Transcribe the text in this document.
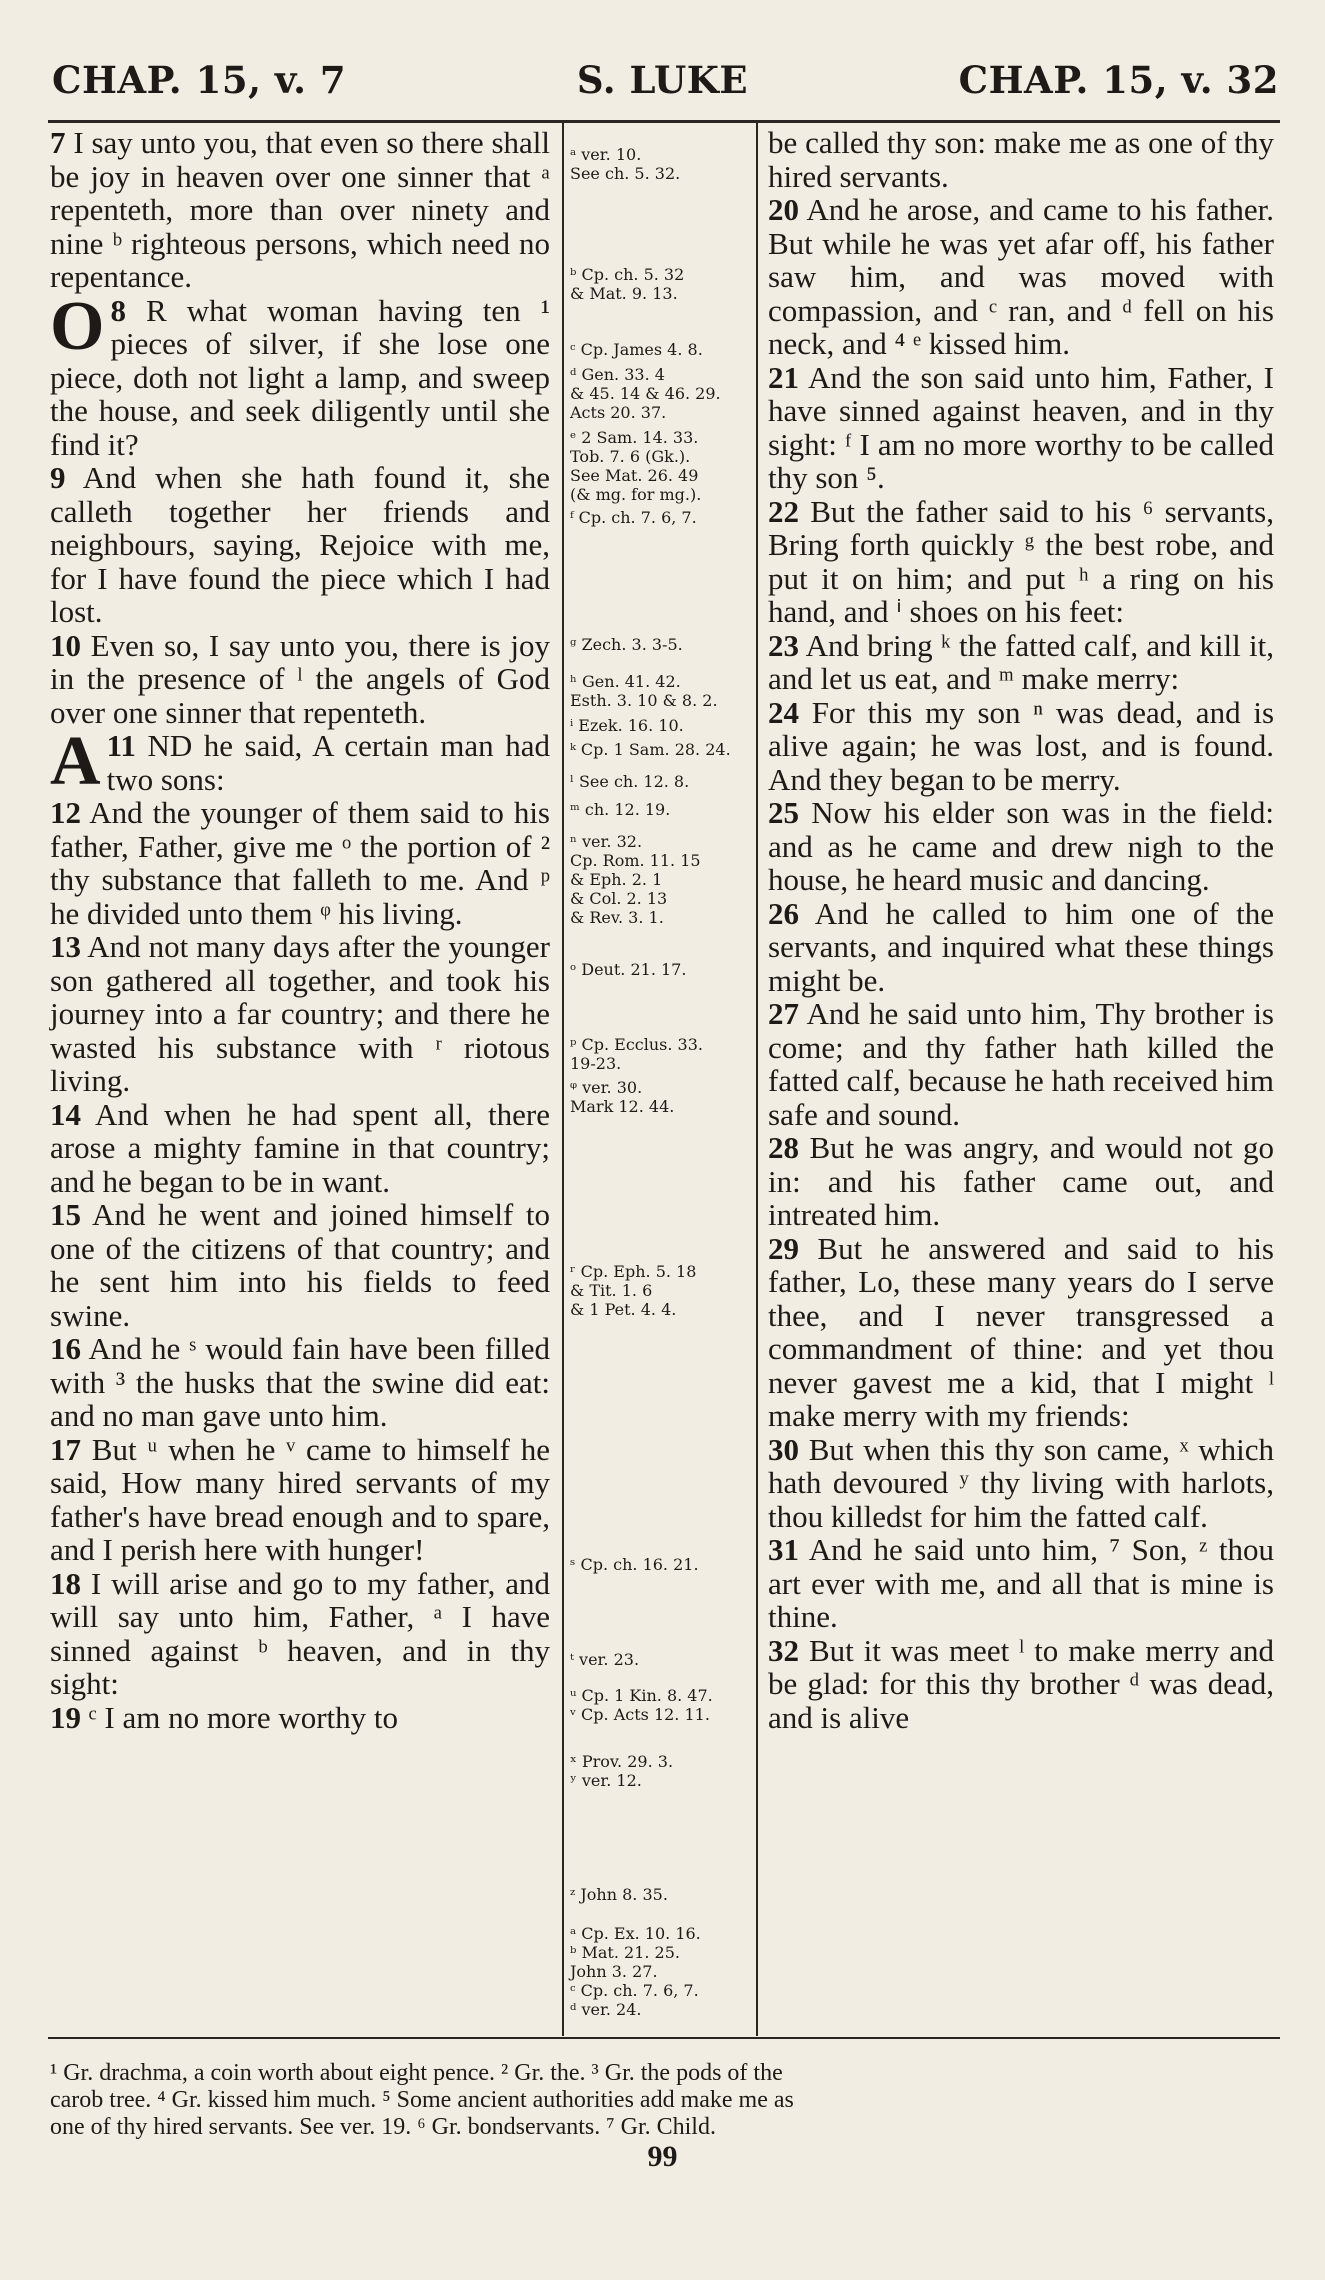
CHAP. 15, v. 7	S. LUKE	CHAP. 15, v. 32

7 I say unto you, that even so there shall be joy in heaven over one sinner that ᵃ repenteth, more than over ninety and nine ᵇ righteous persons, which need no repentance.

8
O R what woman having ten ¹ pieces of silver, if she lose one piece, doth not light a lamp, and sweep the house, and seek diligently until she find it?

9 And when she hath found it, she calleth together her friends and neighbours, saying, Rejoice with me, for I have found the piece which I had lost.

10 Even so, I say unto you, there is joy in the presence of ˡ the angels of God over one sinner that repenteth.

11
A ND he said, A certain man had two sons:

12 And the younger of them said to his father, Father, give me ᵒ the portion of ² thy substance that falleth to me. And ᵖ he divided unto them ᵠ his living.

13 And not many days after the younger son gathered all together, and took his journey into a far country; and there he wasted his substance with ʳ riotous living.

14 And when he had spent all, there arose a mighty famine in that country; and he began to be in want.

15 And he went and joined himself to one of the citizens of that country; and he sent him into his fields to feed swine.

16 And he ˢ would fain have been filled with ³ the husks that the swine did eat: and no man gave unto him.

17 But ᵘ when he ᵛ came to himself he said, How many hired servants of my father's have bread enough and to spare, and I perish here with hunger!

18 I will arise and go to my father, and will say unto him, Father, ᵃ I have sinned against ᵇ heaven, and in thy sight:

19 ᶜ I am no more worthy to

ᵃ ver. 10.

See ch. 5. 32.

ᵇ Cp. ch. 5. 32

& Mat. 9. 13.

ᶜ Cp. James 4. 8.

ᵈ Gen. 33. 4

& 45. 14 & 46. 29.

Acts 20. 37.

ᵉ 2 Sam. 14. 33.

Tob. 7. 6 (Gk.).

See Mat. 26. 49

(& mg. for mg.).

ᶠ Cp. ch. 7. 6, 7.

ᵍ Zech. 3. 3-5.

ʰ Gen. 41. 42.

Esth. 3. 10 & 8. 2.

ⁱ Ezek. 16. 10.

ᵏ Cp. 1 Sam. 28. 24.

ˡ See ch. 12. 8.

ᵐ ch. 12. 19.

ⁿ ver. 32.

Cp. Rom. 11. 15

& Eph. 2. 1

& Col. 2. 13

& Rev. 3. 1.

ᵒ Deut. 21. 17.

ᵖ Cp. Ecclus. 33.

19-23.

ᵠ ver. 30.

Mark 12. 44.

ʳ Cp. Eph. 5. 18

& Tit. 1. 6

& 1 Pet. 4. 4.

ˢ Cp. ch. 16. 21.

ᵗ ver. 23.

ᵘ Cp. 1 Kin. 8. 47.

ᵛ Cp. Acts 12. 11.

ˣ Prov. 29. 3.

ʸ ver. 12.

ᶻ John 8. 35.

ᵃ Cp. Ex. 10. 16.

ᵇ Mat. 21. 25.

John 3. 27.

ᶜ Cp. ch. 7. 6, 7.

ᵈ ver. 24.

be called thy son: make me as one of thy hired servants.

20 And he arose, and came to his father. But while he was yet afar off, his father saw him, and was moved with compassion, and ᶜ ran, and ᵈ fell on his neck, and ⁴ ᵉ kissed him.

21 And the son said unto him, Father, I have sinned against heaven, and in thy sight: ᶠ I am no more worthy to be called thy son ⁵.

22 But the father said to his ⁶ servants, Bring forth quickly ᵍ the best robe, and put it on him; and put ʰ a ring on his hand, and ⁱ shoes on his feet:

23 And bring ᵏ the fatted calf, and kill it, and let us eat, and ᵐ make merry:

24 For this my son ⁿ was dead, and is alive again; he was lost, and is found. And they began to be merry.

25 Now his elder son was in the field: and as he came and drew nigh to the house, he heard music and dancing.

26 And he called to him one of the servants, and inquired what these things might be.

27 And he said unto him, Thy brother is come; and thy father hath killed the fatted calf, because he hath received him safe and sound.

28 But he was angry, and would not go in: and his father came out, and intreated him.

29 But he answered and said to his father, Lo, these many years do I serve thee, and I never transgressed a commandment of thine: and yet thou never gavest me a kid, that I might ˡ make merry with my friends:

30 But when this thy son came, ˣ which hath devoured ʸ thy living with harlots, thou killedst for him the fatted calf.

31 And he said unto him, ⁷ Son, ᶻ thou art ever with me, and all that is mine is thine.

32 But it was meet ˡ to make merry and be glad: for this thy brother ᵈ was dead, and is alive

¹ Gr. drachma, a coin worth about eight pence. ² Gr. the. ³ Gr. the pods of the

carob tree. ⁴ Gr. kissed him much. ⁵ Some ancient authorities add make me as

one of thy hired servants. See ver. 19. ⁶ Gr. bondservants. ⁷ Gr. Child.

99
